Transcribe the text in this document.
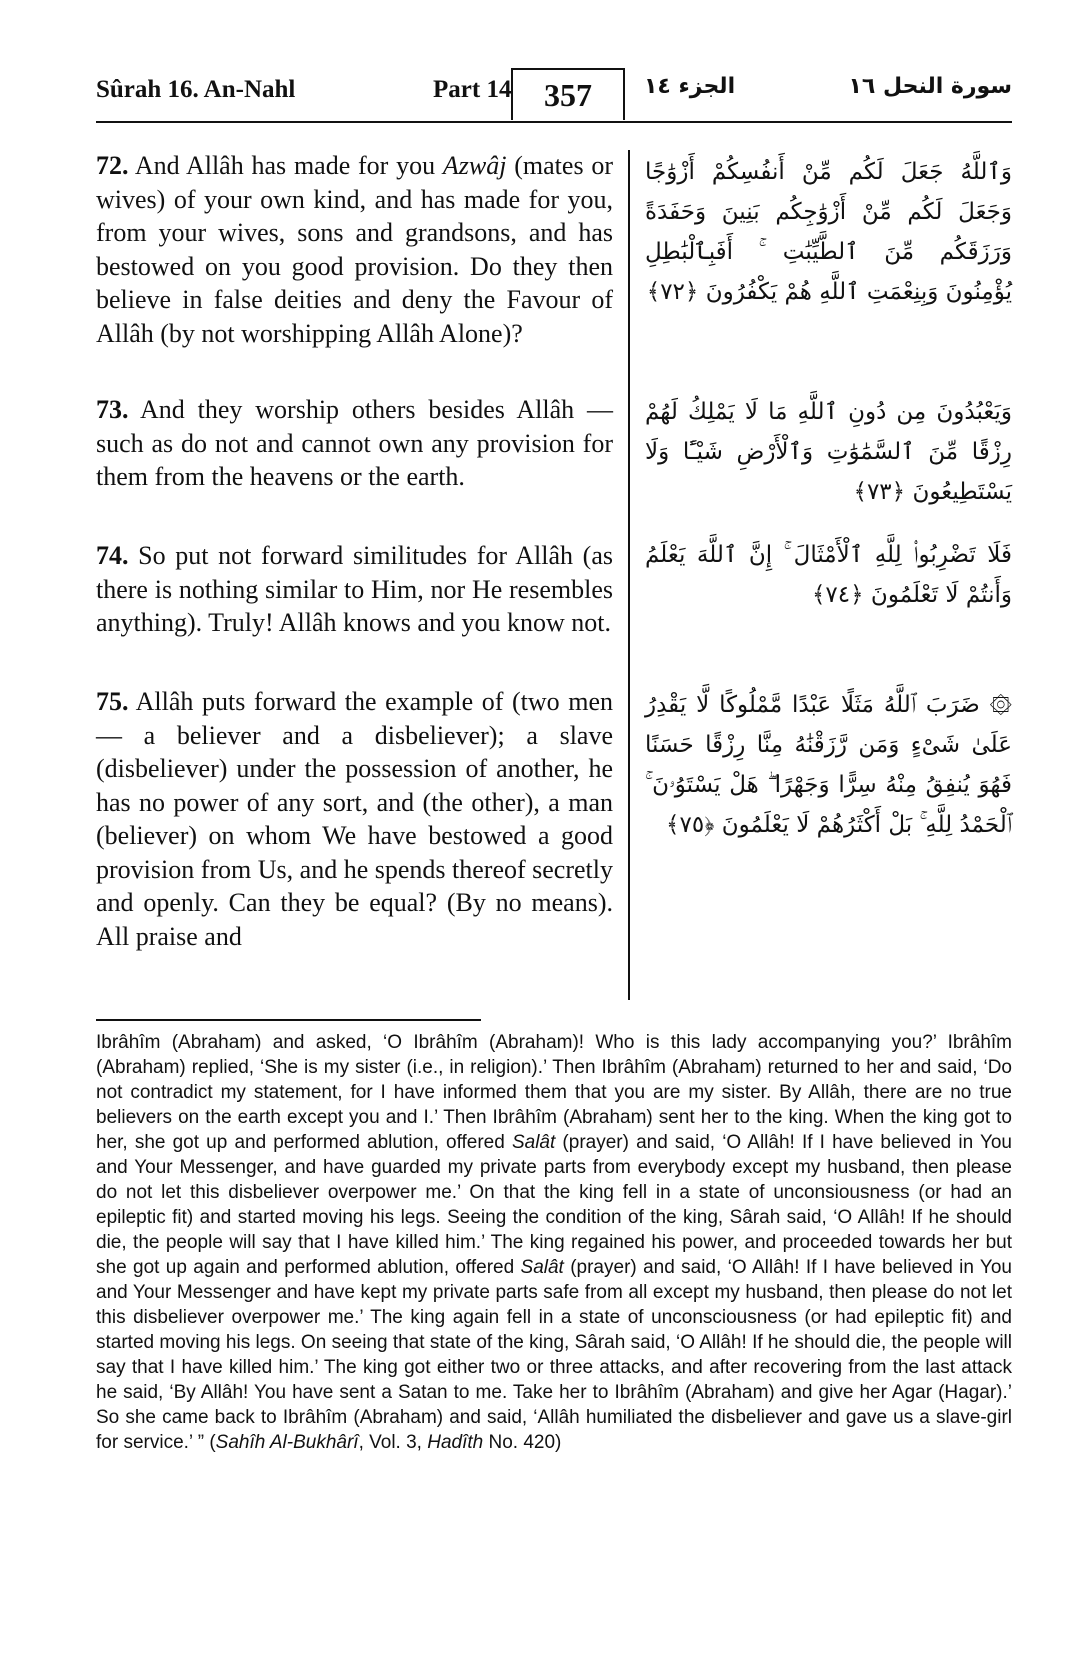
Sûrah 16. An-Nahl	Part 14	357	الجزء ١٤	سورة النحل ١٦
72. And Allâh has made for you Azwâj (mates or wives) of your own kind, and has made for you, from your wives, sons and grandsons, and has bestowed on you good provision. Do they then believe in false deities and deny the Favour of Allâh (by not worshipping Allâh Alone)?
وَٱللَّهُ جَعَلَ لَكُم مِّنْ أَنفُسِكُمْ أَزْوَٰجًا وَجَعَلَ لَكُم مِّنْ أَزْوَٰجِكُم بَنِينَ وَحَفَدَةً وَرَزَقَكُم مِّنَ ٱلطَّيِّبَٰتِ ۚ أَفَبِٱلْبَٰطِلِ يُؤْمِنُونَ وَبِنِعْمَتِ ٱللَّهِ هُمْ يَكْفُرُونَ ﴿٧٢﴾
73. And they worship others besides Allâh — such as do not and cannot own any provision for them from the heavens or the earth.
وَيَعْبُدُونَ مِن دُونِ ٱللَّهِ مَا لَا يَمْلِكُ لَهُمْ رِزْقًا مِّنَ ٱلسَّمَٰوَٰتِ وَٱلْأَرْضِ شَيْـًٔا وَلَا يَسْتَطِيعُونَ ﴿٧٣﴾
74. So put not forward similitudes for Allâh (as there is nothing similar to Him, nor He resembles anything). Truly! Allâh knows and you know not.
فَلَا تَضْرِبُوا۟ لِلَّهِ ٱلْأَمْثَالَ ۚ إِنَّ ٱللَّهَ يَعْلَمُ وَأَنتُمْ لَا تَعْلَمُونَ ﴿٧٤﴾
75. Allâh puts forward the example of (two men — a believer and a disbeliever); a slave (disbeliever) under the possession of another, he has no power of any sort, and (the other), a man (believer) on whom We have bestowed a good provision from Us, and he spends thereof secretly and openly. Can they be equal? (By no means). All praise and
۞ ضَرَبَ ٱللَّهُ مَثَلًا عَبْدًا مَّمْلُوكًا لَّا يَقْدِرُ عَلَىٰ شَىْءٍ وَمَن رَّزَقْنَٰهُ مِنَّا رِزْقًا حَسَنًا فَهُوَ يُنفِقُ مِنْهُ سِرًّا وَجَهْرًا ۖ هَلْ يَسْتَوُۥنَ ۚ ٱلْحَمْدُ لِلَّهِ ۚ بَلْ أَكْثَرُهُمْ لَا يَعْلَمُونَ ﴿٧٥﴾
Ibrâhîm (Abraham) and asked, ‘O Ibrâhîm (Abraham)! Who is this lady accompanying you?’ Ibrâhîm (Abraham) replied, ‘She is my sister (i.e., in religion).’ Then Ibrâhîm (Abraham) returned to her and said, ‘Do not contradict my statement, for I have informed them that you are my sister. By Allâh, there are no true believers on the earth except you and I.’ Then Ibrâhîm (Abraham) sent her to the king. When the king got to her, she got up and performed ablution, offered Salât (prayer) and said, ‘O Allâh! If I have believed in You and Your Messenger, and have guarded my private parts from everybody except my husband, then please do not let this disbeliever overpower me.’ On that the king fell in a state of unconsiousness (or had an epileptic fit) and started moving his legs. Seeing the condition of the king, Sârah said, ‘O Allâh! If he should die, the people will say that I have killed him.’ The king regained his power, and proceeded towards her but she got up again and performed ablution, offered Salât (prayer) and said, ‘O Allâh! If I have believed in You and Your Messenger and have kept my private parts safe from all except my husband, then please do not let this disbeliever overpower me.’ The king again fell in a state of unconsciousness (or had epileptic fit) and started moving his legs. On seeing that state of the king, Sârah said, ‘O Allâh! If he should die, the people will say that I have killed him.’ The king got either two or three attacks, and after recovering from the last attack he said, ‘By Allâh! You have sent a Satan to me. Take her to Ibrâhîm (Abraham) and give her Agar (Hagar).’ So she came back to Ibrâhîm (Abraham) and said, ‘Allâh humiliated the disbeliever and gave us a slave-girl for service.’ ” (Sahîh Al-Bukhârî, Vol. 3, Hadîth No. 420)
